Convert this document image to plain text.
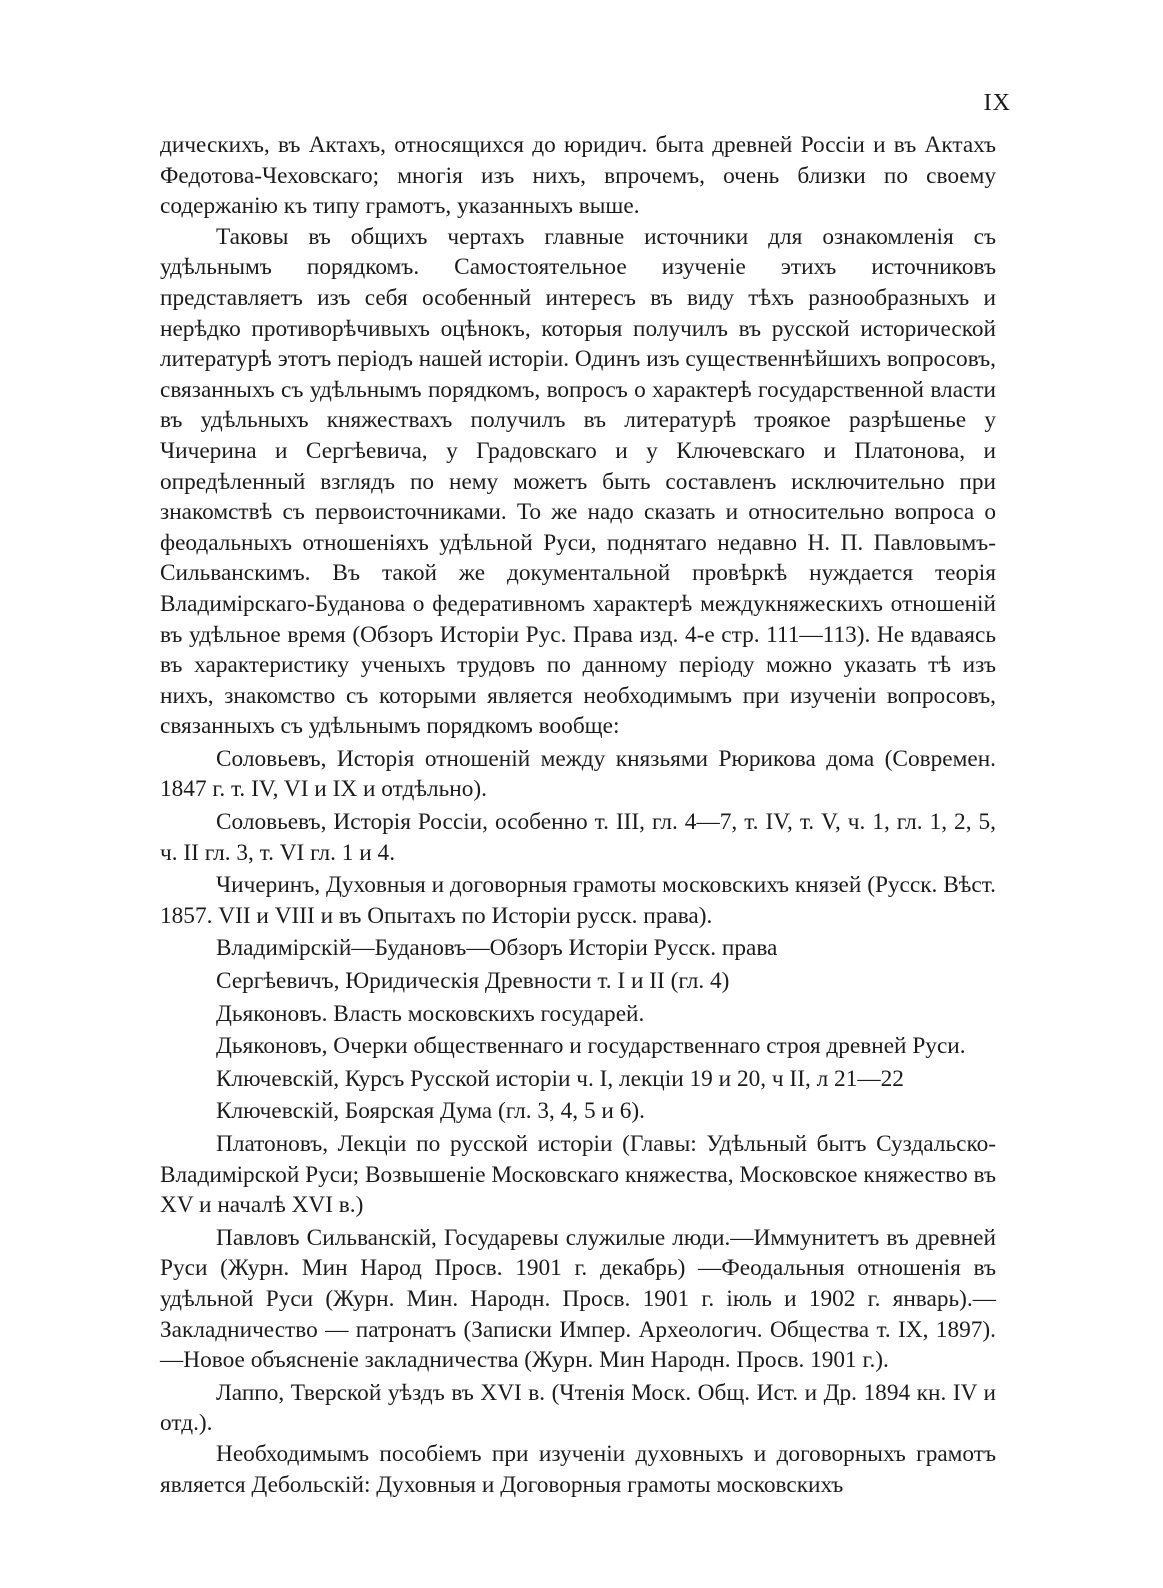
IX

дическихъ, въ Актахъ, относящихся до юридич. быта древней Россіи и въ Актахъ Федотова-Чеховскаго; многія изъ нихъ, впрочемъ, очень близки по своему содержанію къ типу грамотъ, указанныхъ выше.

Таковы въ общихъ чертахъ главные источники для ознакомленія съ удѣльнымъ порядкомъ. Самостоятельное изученіе этихъ источниковъ представляетъ изъ себя особенный интересъ въ виду тѣхъ разнообразныхъ и нерѣдко противорѣчивыхъ оцѣнокъ, которыя получилъ въ русской исторической литературѣ этотъ періодъ нашей исторіи. Одинъ изъ существеннѣйшихъ вопросовъ, связанныхъ съ удѣльнымъ порядкомъ, вопросъ о характерѣ государственной власти въ удѣльныхъ княжествахъ получилъ въ литературѣ троякое разрѣшенье у Чичерина и Сергѣевича, у Градовскаго и у Ключевскаго и Платонова, и опредѣленный взглядъ по нему можетъ быть составленъ исключительно при знакомствѣ съ первоисточниками. То же надо сказать и относительно вопроса о феодальныхъ отношеніяхъ удѣльной Руси, поднятаго недавно Н. П. Павловымъ-Сильванскимъ. Въ такой же документальной провѣркѣ нуждается теорія Владимірскаго-Буданова о федеративномъ характерѣ междукняжескихъ отношеній въ удѣльное время (Обзоръ Исторіи Рус. Права изд. 4-е стр. 111—113). Не вдаваясь въ характеристику ученыхъ трудовъ по данному періоду можно указать тѣ изъ нихъ, знакомство съ которыми является необходимымъ при изученіи вопросовъ, связанныхъ съ удѣльнымъ порядкомъ вообще:

Соловьевъ, Исторія отношеній между князьями Рюрикова дома (Современ. 1847 г. т. IV, VI и IX и отдѣльно).

Соловьевъ, Исторія Россіи, особенно т. III, гл. 4—7, т. IV, т. V, ч. 1, гл. 1, 2, 5, ч. II гл. 3, т. VI гл. 1 и 4.

Чичеринъ, Духовныя и договорныя грамоты московскихъ князей (Русск. Вѣст. 1857. VII и VIII и въ Опытахъ по Исторіи русск. права).

Владимірскій—Будановъ—Обзоръ Исторіи Русск. права

Сергѣевичъ, Юридическія Древности т. I и II (гл. 4)

Дьяконовъ. Власть московскихъ государей.

Дьяконовъ, Очерки общественнаго и государственнаго строя древней Руси.

Ключевскій, Курсъ Русской исторіи ч. I, лекціи 19 и 20, ч II, л 21—22

Ключевскій, Боярская Дума (гл. 3, 4, 5 и 6).

Платоновъ, Лекціи по русской исторіи (Главы: Удѣльный бытъ Суздальско-Владимірской Руси; Возвышеніе Московскаго княжества, Московское княжество въ XV и началѣ XVI в.)

Павловъ Сильванскій, Государевы служилые люди.—Иммунитетъ въ древней Руси (Журн. Мин Народ Просв. 1901 г. декабрь) —Феодальныя отношенія въ удѣльной Руси (Журн. Мин. Народн. Просв. 1901 г. іюль и 1902 г. январь).—Закладничество — патронатъ (Записки Импер. Археологич. Общества т. IX, 1897).—Новое объясненіе закладничества (Журн. Мин Народн. Просв. 1901 г.).

Лаппо, Тверской уѣздъ въ XVI в. (Чтенія Моск. Общ. Ист. и Др. 1894 кн. IV и отд.).

Необходимымъ пособіемъ при изученіи духовныхъ и договорныхъ грамотъ является Дебольскій: Духовныя и Договорныя грамоты московскихъ
